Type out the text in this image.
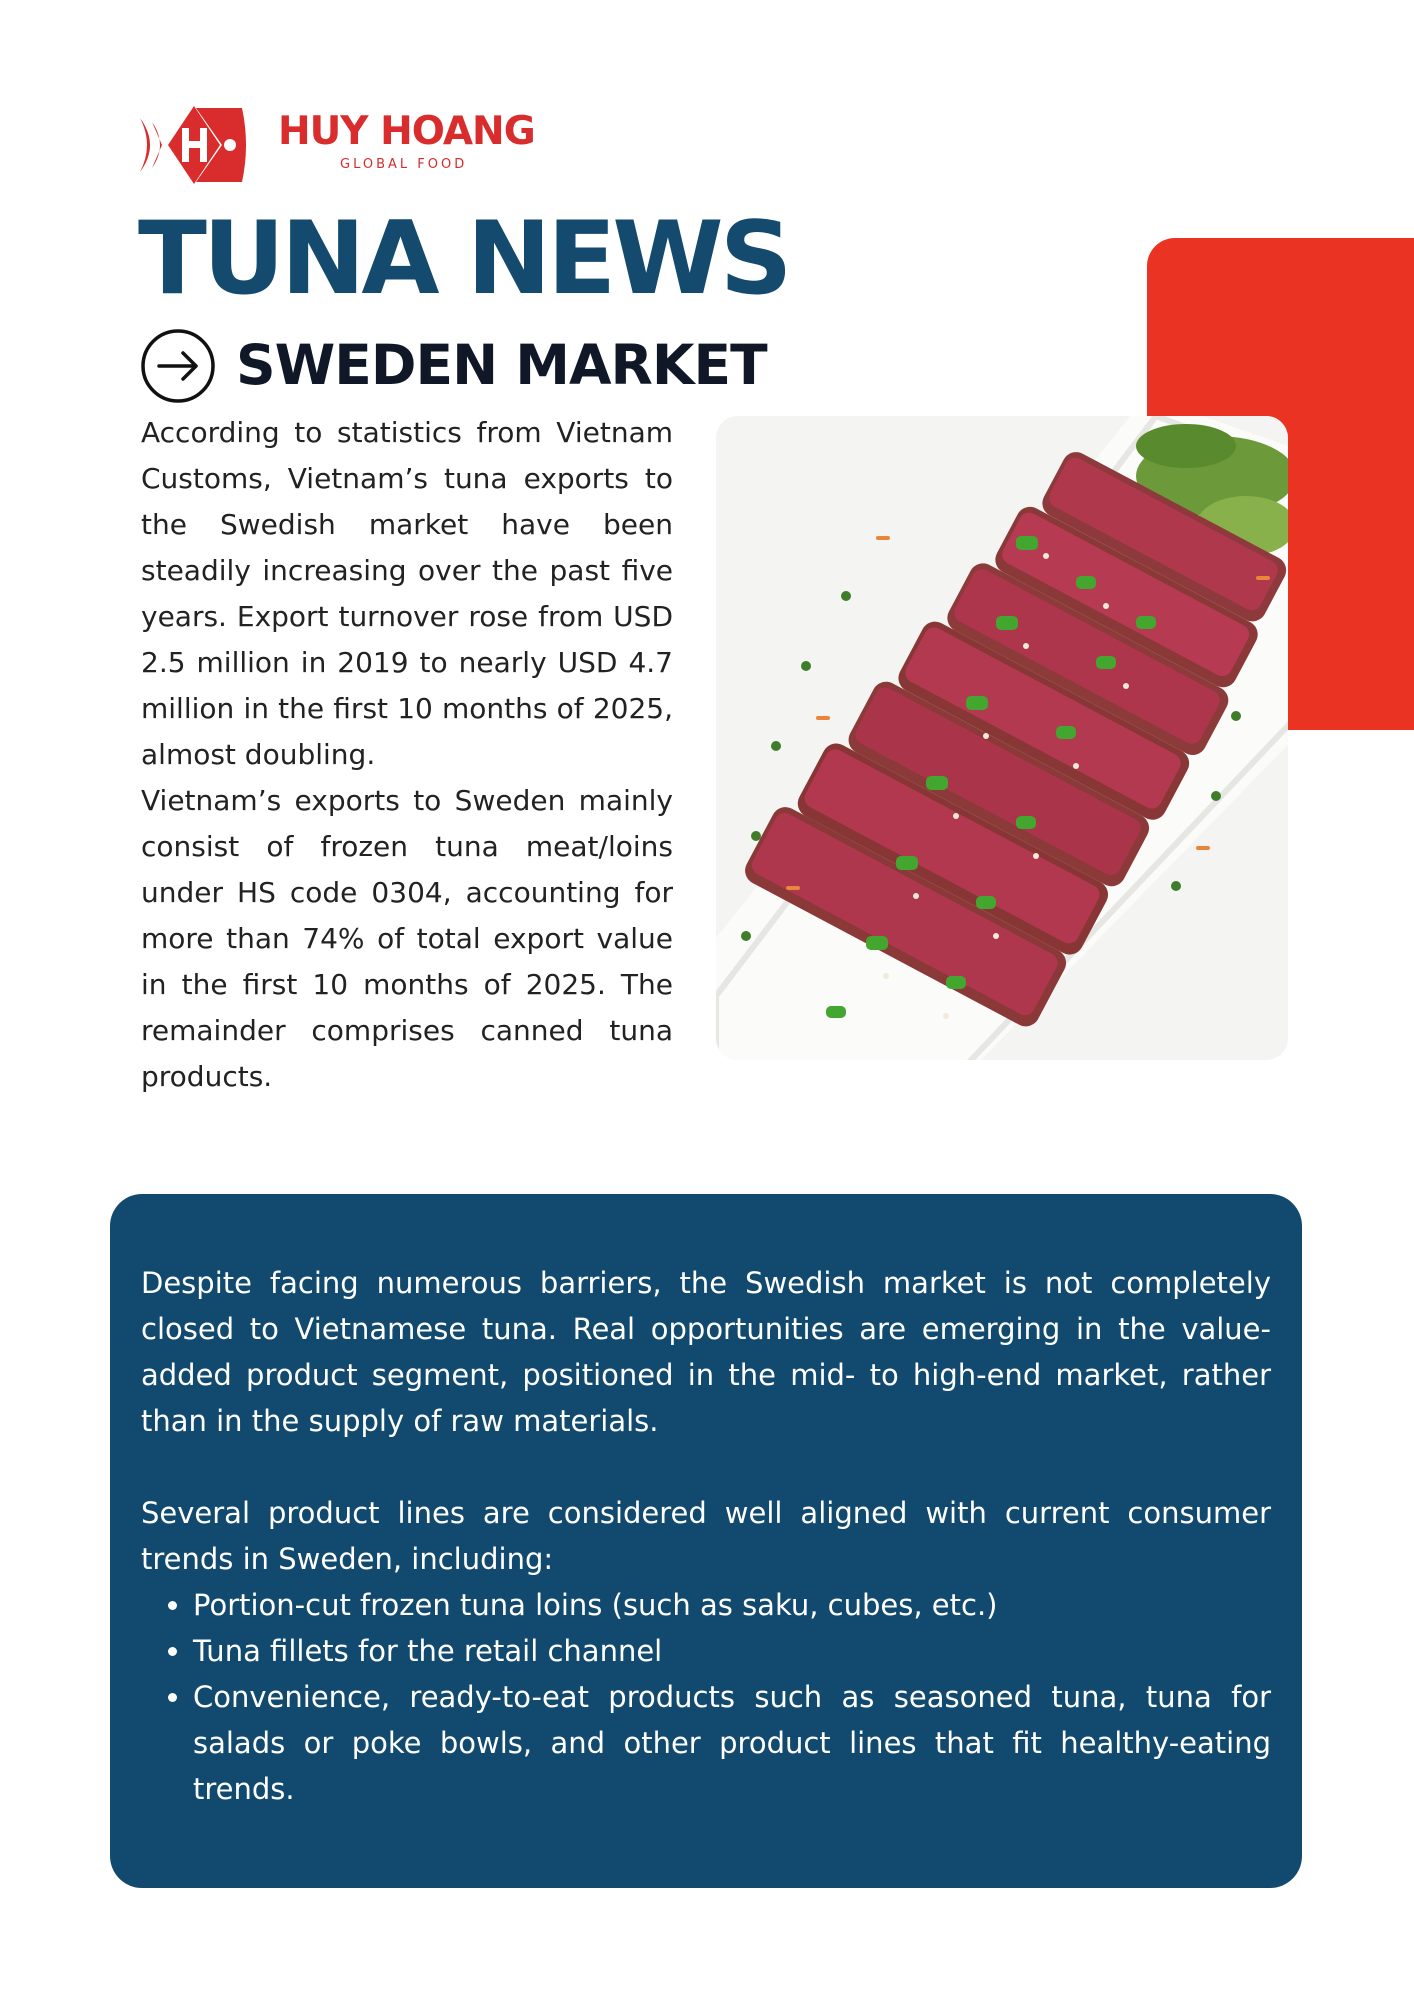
HUY HOANG
GLOBAL FOOD
TUNA NEWS
SWEDEN MARKET

According to statistics from Vietnam Customs, Vietnam’s tuna exports to the Swedish market have been steadily increasing over the past five years. Export turnover rose from USD 2.5 million in 2019 to nearly USD 4.7 million in the first 10 months of 2025, almost doubling.

Vietnam’s exports to Sweden mainly consist of frozen tuna meat/loins under HS code 0304, accounting for more than 74% of total export value in the first 10 months of 2025. The remainder comprises canned tuna products.

Despite facing numerous barriers, the Swedish market is not completely closed to Vietnamese tuna. Real opportunities are emerging in the value-added product segment, positioned in the mid- to high-end market, rather than in the supply of raw materials.

Several product lines are considered well aligned with current consumer trends in Sweden, including:

• Portion-cut frozen tuna loins (such as saku, cubes, etc.)
• Tuna fillets for the retail channel
• Convenience, ready-to-eat products such as seasoned tuna, tuna for salads or poke bowls, and other product lines that fit healthy-eating trends.
